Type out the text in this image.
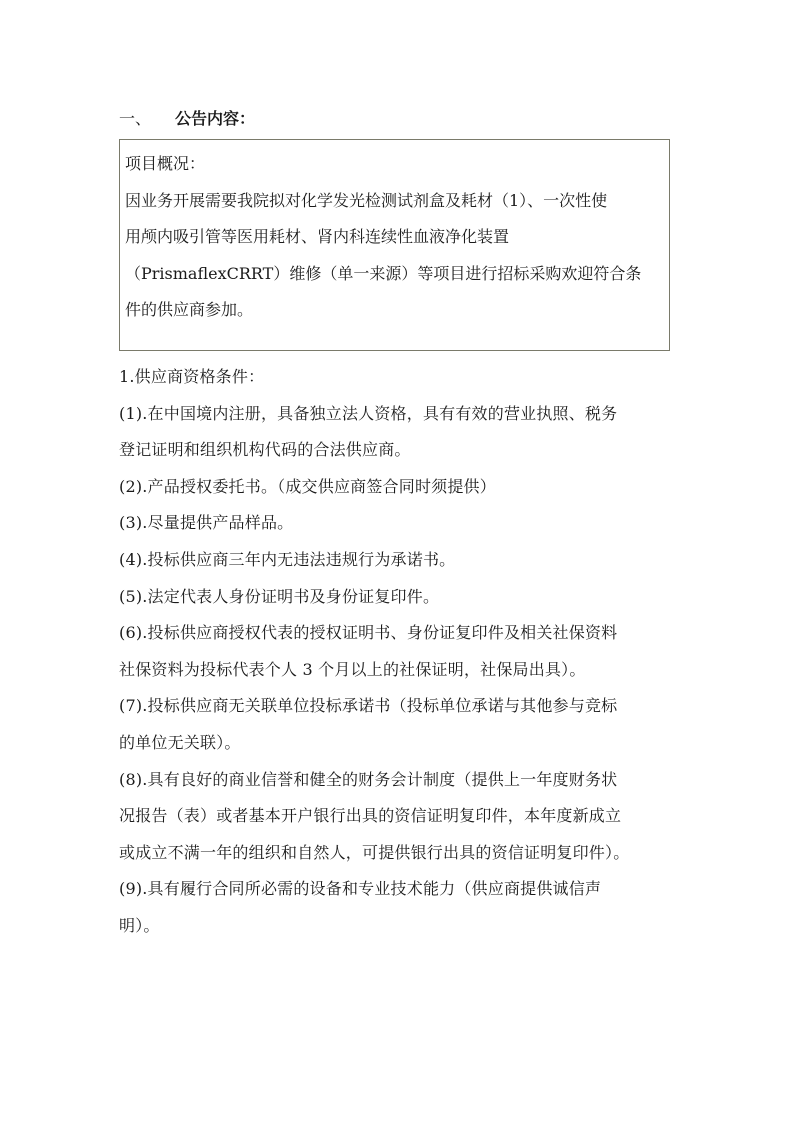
一、	公告内容：

项目概况：

因业务开展需要我院拟对化学发光检测试剂盒及耗材（1）、一次性使

用颅内吸引管等医用耗材、肾内科连续性血液净化装置

（PrismaflexCRRT）维修（单一来源）等项目进行招标采购欢迎符合条

件的供应商参加。

1.供应商资格条件：

(1).在中国境内注册，具备独立法人资格，具有有效的营业执照、税务

登记证明和组织机构代码的合法供应商。

(2).产品授权委托书。（成交供应商签合同时须提供）

(3).尽量提供产品样品。

(4).投标供应商三年内无违法违规行为承诺书。

(5).法定代表人身份证明书及身份证复印件。

(6).投标供应商授权代表的授权证明书、身份证复印件及相关社保资料

社保资料为投标代表个人 3 个月以上的社保证明，社保局出具）。

(7).投标供应商无关联单位投标承诺书（投标单位承诺与其他参与竞标

的单位无关联）。

(8).具有良好的商业信誉和健全的财务会计制度（提供上一年度财务状

况报告（表）或者基本开户银行出具的资信证明复印件，本年度新成立

或成立不满一年的组织和自然人，可提供银行出具的资信证明复印件）。

(9).具有履行合同所必需的设备和专业技术能力（供应商提供诚信声

明）。
